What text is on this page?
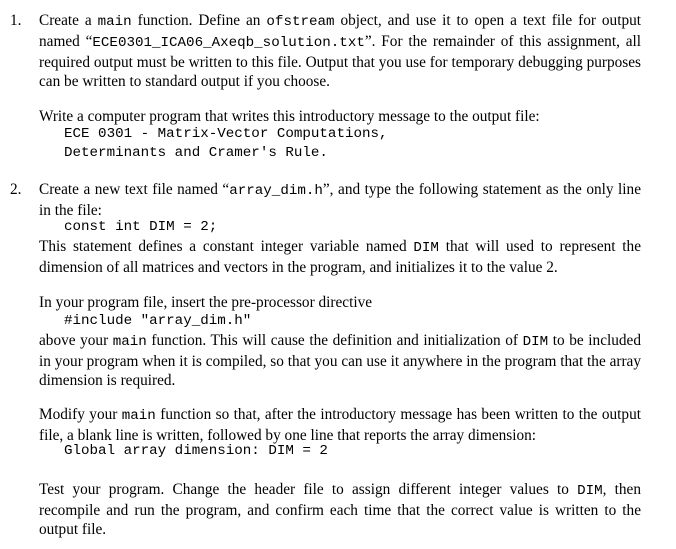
1. Create a main function. Define an ofstream object, and use it to open a text file for output named “ECE0301_ICA06_Axeqb_solution.txt”. For the remainder of this assignment, all required output must be written to this file. Output that you use for temporary debugging purposes can be written to standard output if you choose.
Write a computer program that writes this introductory message to the output file:
ECE 0301 - Matrix-Vector Computations,
Determinants and Cramer's Rule.
2. Create a new text file named “array_dim.h”, and type the following statement as the only line in the file:
const int DIM = 2;
This statement defines a constant integer variable named DIM that will used to represent the dimension of all matrices and vectors in the program, and initializes it to the value 2.
In your program file, insert the pre-processor directive
#include "array_dim.h"
above your main function. This will cause the definition and initialization of DIM to be included in your program when it is compiled, so that you can use it anywhere in the program that the array dimension is required.
Modify your main function so that, after the introductory message has been written to the output file, a blank line is written, followed by one line that reports the array dimension:
Global array dimension: DIM = 2
Test your program. Change the header file to assign different integer values to DIM, then recompile and run the program, and confirm each time that the correct value is written to the output file.
